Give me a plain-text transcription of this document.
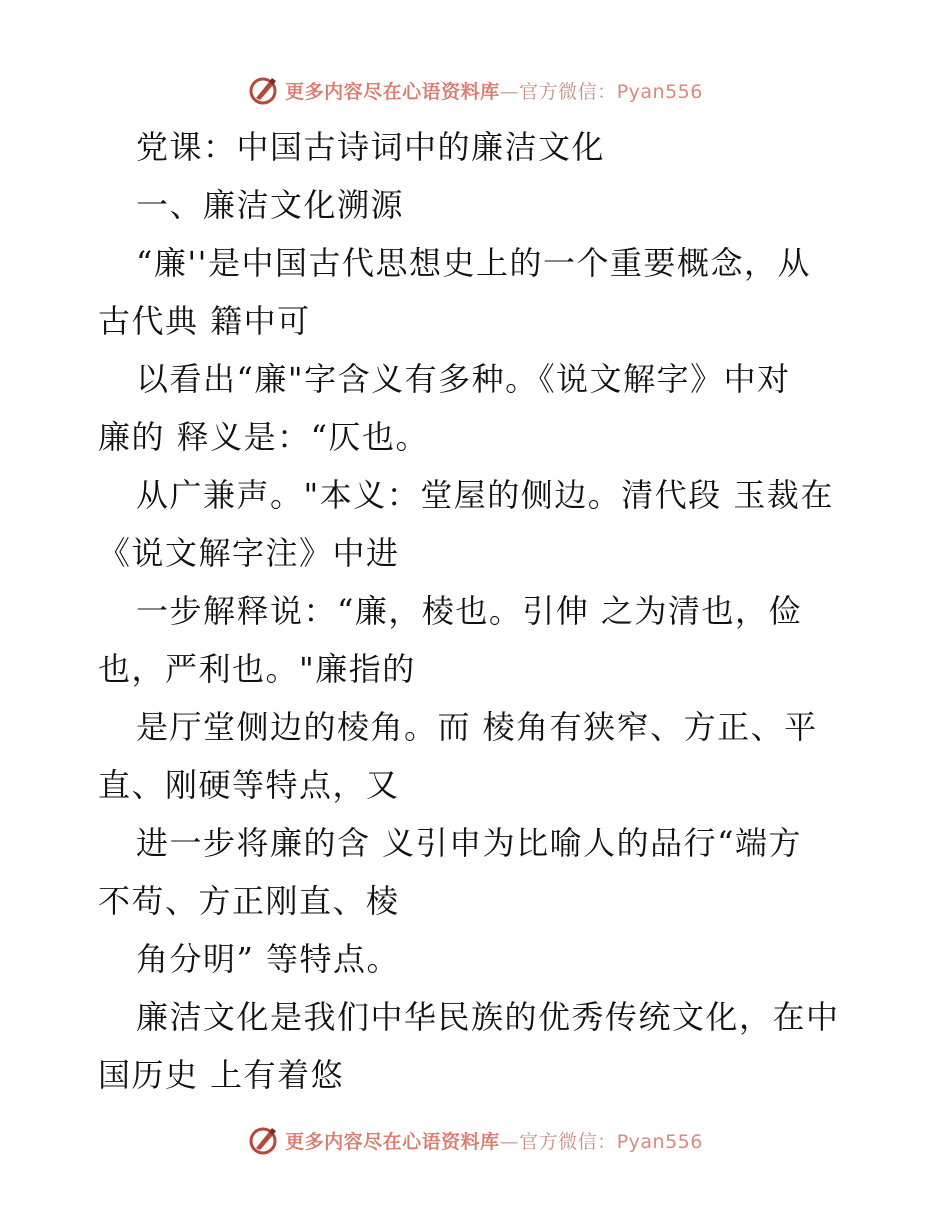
更多内容尽在心语资料库—官方微信：Pyan556
党课：中国古诗词中的廉洁文化
一、廉洁文化溯源
“廉''是中国古代思想史上的一个重要概念，从
古代典 籍中可
以看出“廉"字含义有多种。《说文解字》中对
廉的 释义是：“仄也。
从广兼声。"本义：堂屋的侧边。清代段 玉裁在
《说文解字注》中进
一步解释说：“廉，棱也。引伸 之为清也，俭
也，严利也。"廉指的
是厅堂侧边的棱角。而 棱角有狭窄、方正、平
直、刚硬等特点，又
进一步将廉的含 义引申为比喻人的品行“端方
不苟、方正刚直、棱
角分明” 等特点。
廉洁文化是我们中华民族的优秀传统文化，在中
国历史 上有着悠
更多内容尽在心语资料库—官方微信：Pyan556
